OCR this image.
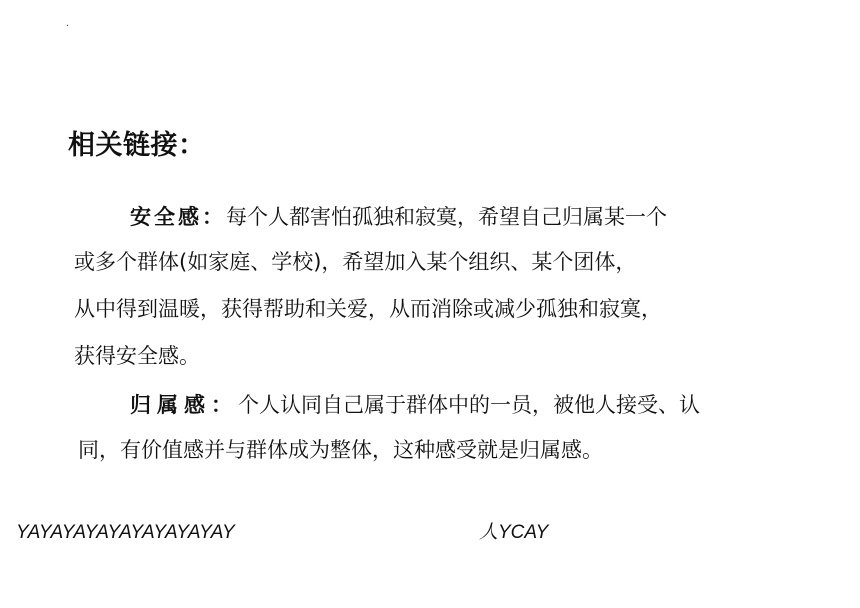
·
相关链接：
安全感：每个人都害怕孤独和寂寞，希望自己归属某一个
或多个群体(如家庭、学校)，希望加入某个组织、某个团体，
从中得到温暖，获得帮助和关爱，从而消除或减少孤独和寂寞，
获得安全感。
归属感：个人认同自己属于群体中的一员，被他人接受、认
同，有价值感并与群体成为整体，这种感受就是归属感。
YAYAYAYAYAYAYAYAYAY	人YCAY
